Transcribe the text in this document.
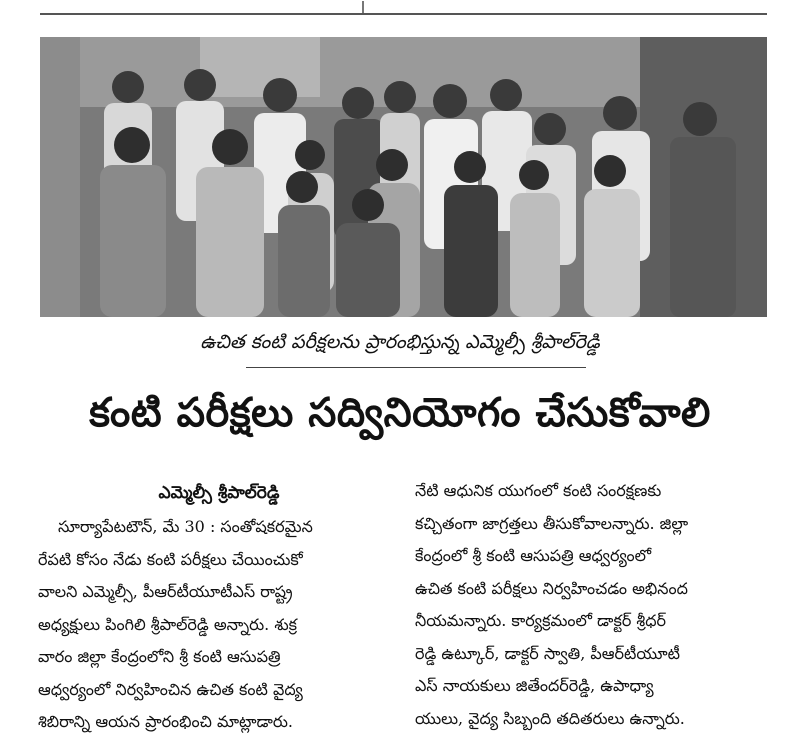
ఉచిత కంటి పరీక్షలను ప్రారంభిస్తున్న ఎమ్మెల్సీ శ్రీపాల్‌రెడ్డి
కంటి పరీక్షలు సద్వినియోగం చేసుకోవాలి
ఎమ్మెల్సీ శ్రీపాల్‌రెడ్డి
సూర్యాపేటటౌన్‌, మే 30 : సంతోషకరమైన
రేపటి కోసం నేడు కంటి పరీక్షలు చేయించుకో
వాలని ఎమ్మెల్సీ, పీఆర్‌టీయూటీఎస్‌ రాష్ట్ర
అధ్యక్షులు పింగిలి శ్రీపాల్‌రెడ్డి అన్నారు. శుక్ర
వారం జిల్లా కేంద్రంలోని శ్రీ కంటి ఆసుపత్రి
ఆధ్వర్యంలో నిర్వహించిన ఉచిత కంటి వైద్య
శిబిరాన్ని ఆయన ప్రారంభించి మాట్లాడారు.
నేటి ఆధునిక యుగంలో కంటి సంరక్షణకు
కచ్చితంగా జాగ్రత్తలు తీసుకోవాలన్నారు. జిల్లా
కేంద్రంలో శ్రీ కంటి ఆసుపత్రి ఆధ్వర్యంలో
ఉచిత కంటి పరీక్షలు నిర్వహించడం అభినంద
నీయమన్నారు. కార్యక్రమంలో డాక్టర్‌ శ్రీధర్‌
రెడ్డి ఉట్కూర్‌, డాక్టర్‌ స్వాతి, పీఆర్‌టీయూటీ
ఎస్‌ నాయకులు జితేందర్‌రెడ్డి, ఉపాధ్యా
యులు, వైద్య సిబ్బంది తదితరులు ఉన్నారు.
